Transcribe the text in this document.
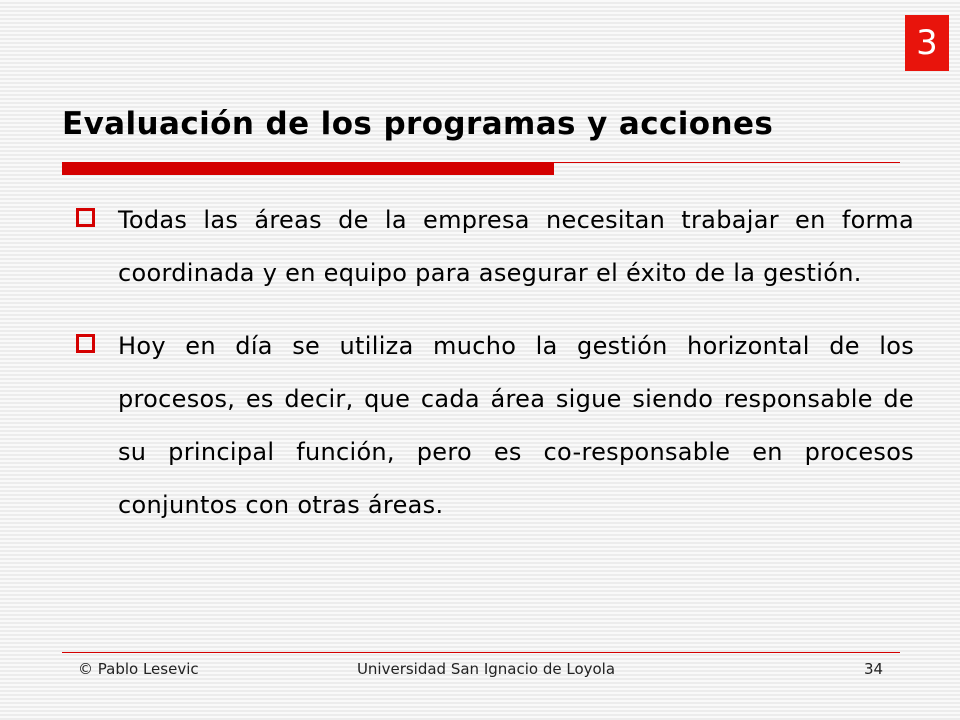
3
Evaluación de los programas y acciones
Todas las áreas de la empresa necesitan trabajar en forma coordinada y en equipo para asegurar el éxito de la gestión.
Hoy en día se utiliza mucho la gestión horizontal de los procesos, es decir, que cada área sigue siendo responsable de su principal función, pero es co-responsable en procesos conjuntos con otras áreas.
© Pablo Lesevic	Universidad San Ignacio de Loyola	34
